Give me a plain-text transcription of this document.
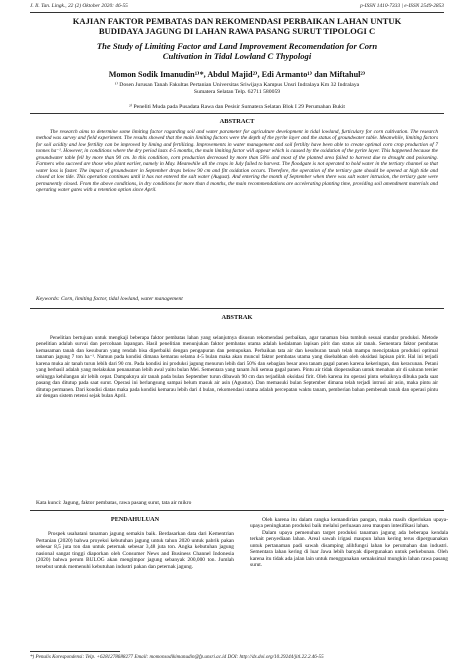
J. Il. Tan. Lingk., 22 (2) Oktober 2020: 46-55	p-ISSN 1410-7333 | e-ISSN 2549-2853
KAJIAN FAKTOR PEMBATAS DAN REKOMENDASI PERBAIKAN LAHAN UNTUK
BUDIDAYA JAGUNG DI LAHAN RAWA PASANG SURUT TIPOLOGI C
The Study of Limiting Factor and Land Improvement Recomendation for Corn
Cultivation in Tidal Lowland C Thypologi
Momon Sodik Imanudin¹⁾*, Abdul Majid²⁾, Edi Armanto¹⁾ dan Miftahul²⁾
¹⁾ Dosen Jurusan Tanah Fakultas Pertanian Universitas Sriwijaya Kampus Unsri Indralaya Km 32 Indralaya
Sumatera Selatan Telp. 62711 580059
²⁾ Peneliti Muda pada Pusadata Rawa dan Pesisir Sumatera Selatan Blok I 29 Perumahan Bukit
ABSTRACT
The research aims to determine some limiting factor ragarding soil and water parameter for agriculture development in tidal lowland, furticulary for corn cultivation. The research method was survey and field experiment. The results showed that the main limiting factors were the depth of the pyrite layer and the status of groundwater table. Meanwhile, limiting factors for soil acidity and low fertility can be improved by liming and fertilizing. Improvements in water management and soil fertility have been able to create optimal corn crop production of 7 tonnes ha⁻¹. However, in conditions where the dry period lasts 4-5 months, the main limiting factor will appear which is caused by the oxidation of the pyrite layer. This happened because the groundwater table fell by more than 90 cm. In this condition, corn production decreased by more than 50% and most of the planted area failed to harvest due to drought and poisoning. Farmers who succeed are those who plant earlier, namely in May. Meanwhile all the crops in July failed to harvest. The floodgate is not operated to hold water in the tertiary channel so that water loss is faster. The impact of groundwater in September drops below 90 cm and fitt oxidation occurs. Therefore, the operation of the tertiary gate should be opened at high tide and closed at low tide. This operation continues until it has not entered the salt water (August). And entering the month of September when there was salt water intrusion, the tertiary gate were permanently closed. From the above conditions, in dry conditions for more than 4 months, the main recommendations are accelerating planting time, providing soil amendment materials and operating water gates with a retention option since April.
Keywords: Corn, limiting factor, tidal lowland, water management
ABSTRAK
Penelitian bertujuan untuk mengkaji beberapa faktor pembatas lahan yang selanjutnya disusun rekomendasi perbaikan, agar tanaman bisa tumbuh sesuai standar produksi. Metode penelitian adalah survai dan percobaan lapangan. Hasil penelitian menunjukan faktor pembatas utama adalah kedalaman lapisan pirit dan status air tanah. Sementara faktor pembatas kemasaman tanah dan kesuburan yang rendah bisa diperbaiki dengan pengapuran dan pemupukan. Perbaikan tata air dan kesuburan tanah telah mampu menciptakan produksi optimal tanaman jagung 7 ton ha⁻¹. Namun pada kondisi dimana kemarau selama 4-5 bulan maka akan muncul faktor pembatas utama yang disebabkan oleh oksidasi lapisan pirit. Hal ini terjadi karena muka air tanah turun lebih dari 90 cm. Pada kondisi ini produksi jagung menurun lebih dari 50% dan sebagian besar area tanam gagal panen karena kekeringan, dan keracunan. Petani yang berhasil adalah yang melakukan penanaman lebih awal yaitu bulan Mei. Sementara yang tanam Juli semua gagal panen. Pintu air tidak dioperasikan untuk menahan air di saluran tersier sehingga kehilangan air lebih cepat. Dampaknya air tanah pada bulan September turun dibawah 90 cm dan terjadilah oksidasi firit. Oleh karena itu operasi pintu sebaiknya dibuka pada saat pasang dan ditutup pada saat surut. Operasi ini berlangsung sampai belum masuk air asin (Agustus). Dan memasuki bulan September dimana telah terjadi intrusi air asin, maka pintu air ditutup permanen. Dari kondisi diatas maka pada kondisi kemarau lebih dari 4 bulan, rekomendasi utama adalah percepatan waktu tanam, pemberian bahan pembenah tanah dan operasi pintu air dengan sistem retensi sejak bulan April.
Kata kunci: Jagung, faktor pembatas, rawa pasang surut, tata air mikro
PENDAHULUAN

Prospek usahatani tanaman jagung semakin baik. Berdasarkan data dari Kementrian Pertanian (2020) bahwa proyeksi kebutuhan jagung untuk tahun 2020 untuk pabrik pakan sebesar 8,5 juta ton dan untuk peternak sebesar 3,48 juta ton. Angka kebutuhan jagung nasional sangat tinggi diaporkan oleh Consumer News and Business Channel Indonesia (2020) bahwa perum BULOG akan mengimpor jagung sebanyak 200,000 ton. Jumlah tersebut untuk memenuhi kebutuhan industri pakan dan peternak jagung.

Oleh karena itu dalam rangka kemandirian pangan, maka masih diperlukan upaya-upaya peningkatan produksi baik melalui perluasan area maupun intesifikasi lahan.

Dalam upaya pemenuhan target produksi tanaman jagung ada beberapa kendala terkait penyediaan lahan. Areal sawah irigasi maupun lahan kering terus diperguanakan untuk pertanaman padi sawah disamping alihfungsi lahan ke perumahan dan industri. Sementara lahan kering di luar Jawa lebih banyak dipergunakan untuk perkebunan. Oleh karena itu tidak ada jalan lain untuk menggunakan semaksimal mungkin lahan rawa pasang surut.

*) Penulis Korespondensi: Telp. +6281278688277 Email: momonsodikimanudin@fp.unsri.ac.id DOI: http://dx.doi.org/10.29244/jitl.22.2.46-55
